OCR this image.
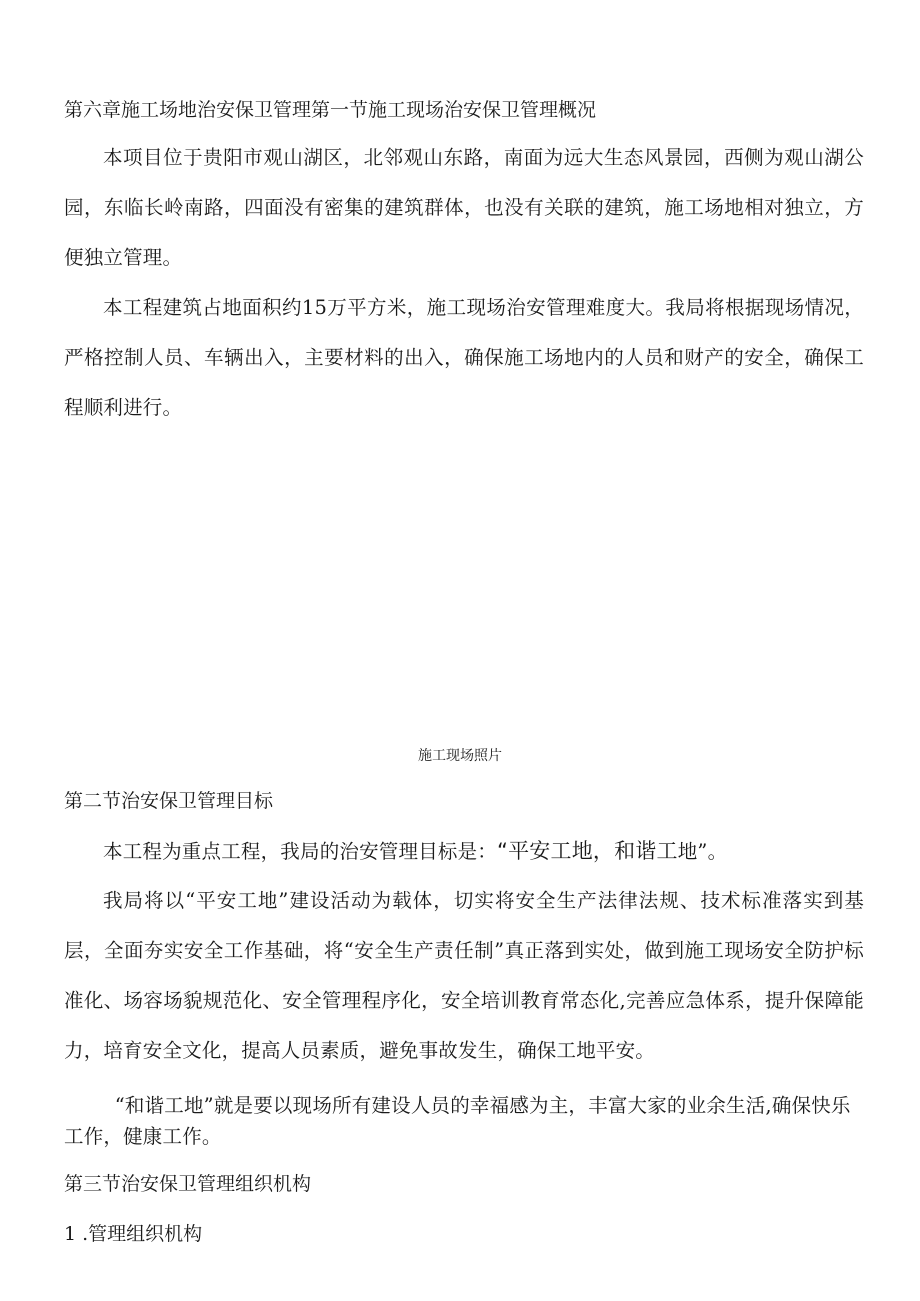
第六章施工场地治安保卫管理第一节施工现场治安保卫管理概况
本项目位于贵阳市观山湖区，北邻观山东路，南面为远大生态风景园，西侧为观山湖公园，东临长岭南路，四面没有密集的建筑群体，也没有关联的建筑，施工场地相对独立，方便独立管理。
本工程建筑占地面积约15万平方米，施工现场治安管理难度大。我局将根据现场情况，严格控制人员、车辆出入，主要材料的出入，确保施工场地内的人员和财产的安全，确保工程顺利进行。
施工现场照片
第二节治安保卫管理目标
本工程为重点工程，我局的治安管理目标是：“平安工地，和谐工地”。
我局将以“平安工地”建设活动为载体，切实将安全生产法律法规、技术标准落实到基层，全面夯实安全工作基础，将“安全生产责任制”真正落到实处，做到施工现场安全防护标准化、场容场貌规范化、安全管理程序化，安全培训教育常态化,完善应急体系，提升保障能力，培育安全文化，提高人员素质，避免事故发生，确保工地平安。
“和谐工地”就是要以现场所有建设人员的幸福感为主，丰富大家的业余生活,确保快乐工作，健康工作。
第三节治安保卫管理组织机构
1 .管理组织机构
